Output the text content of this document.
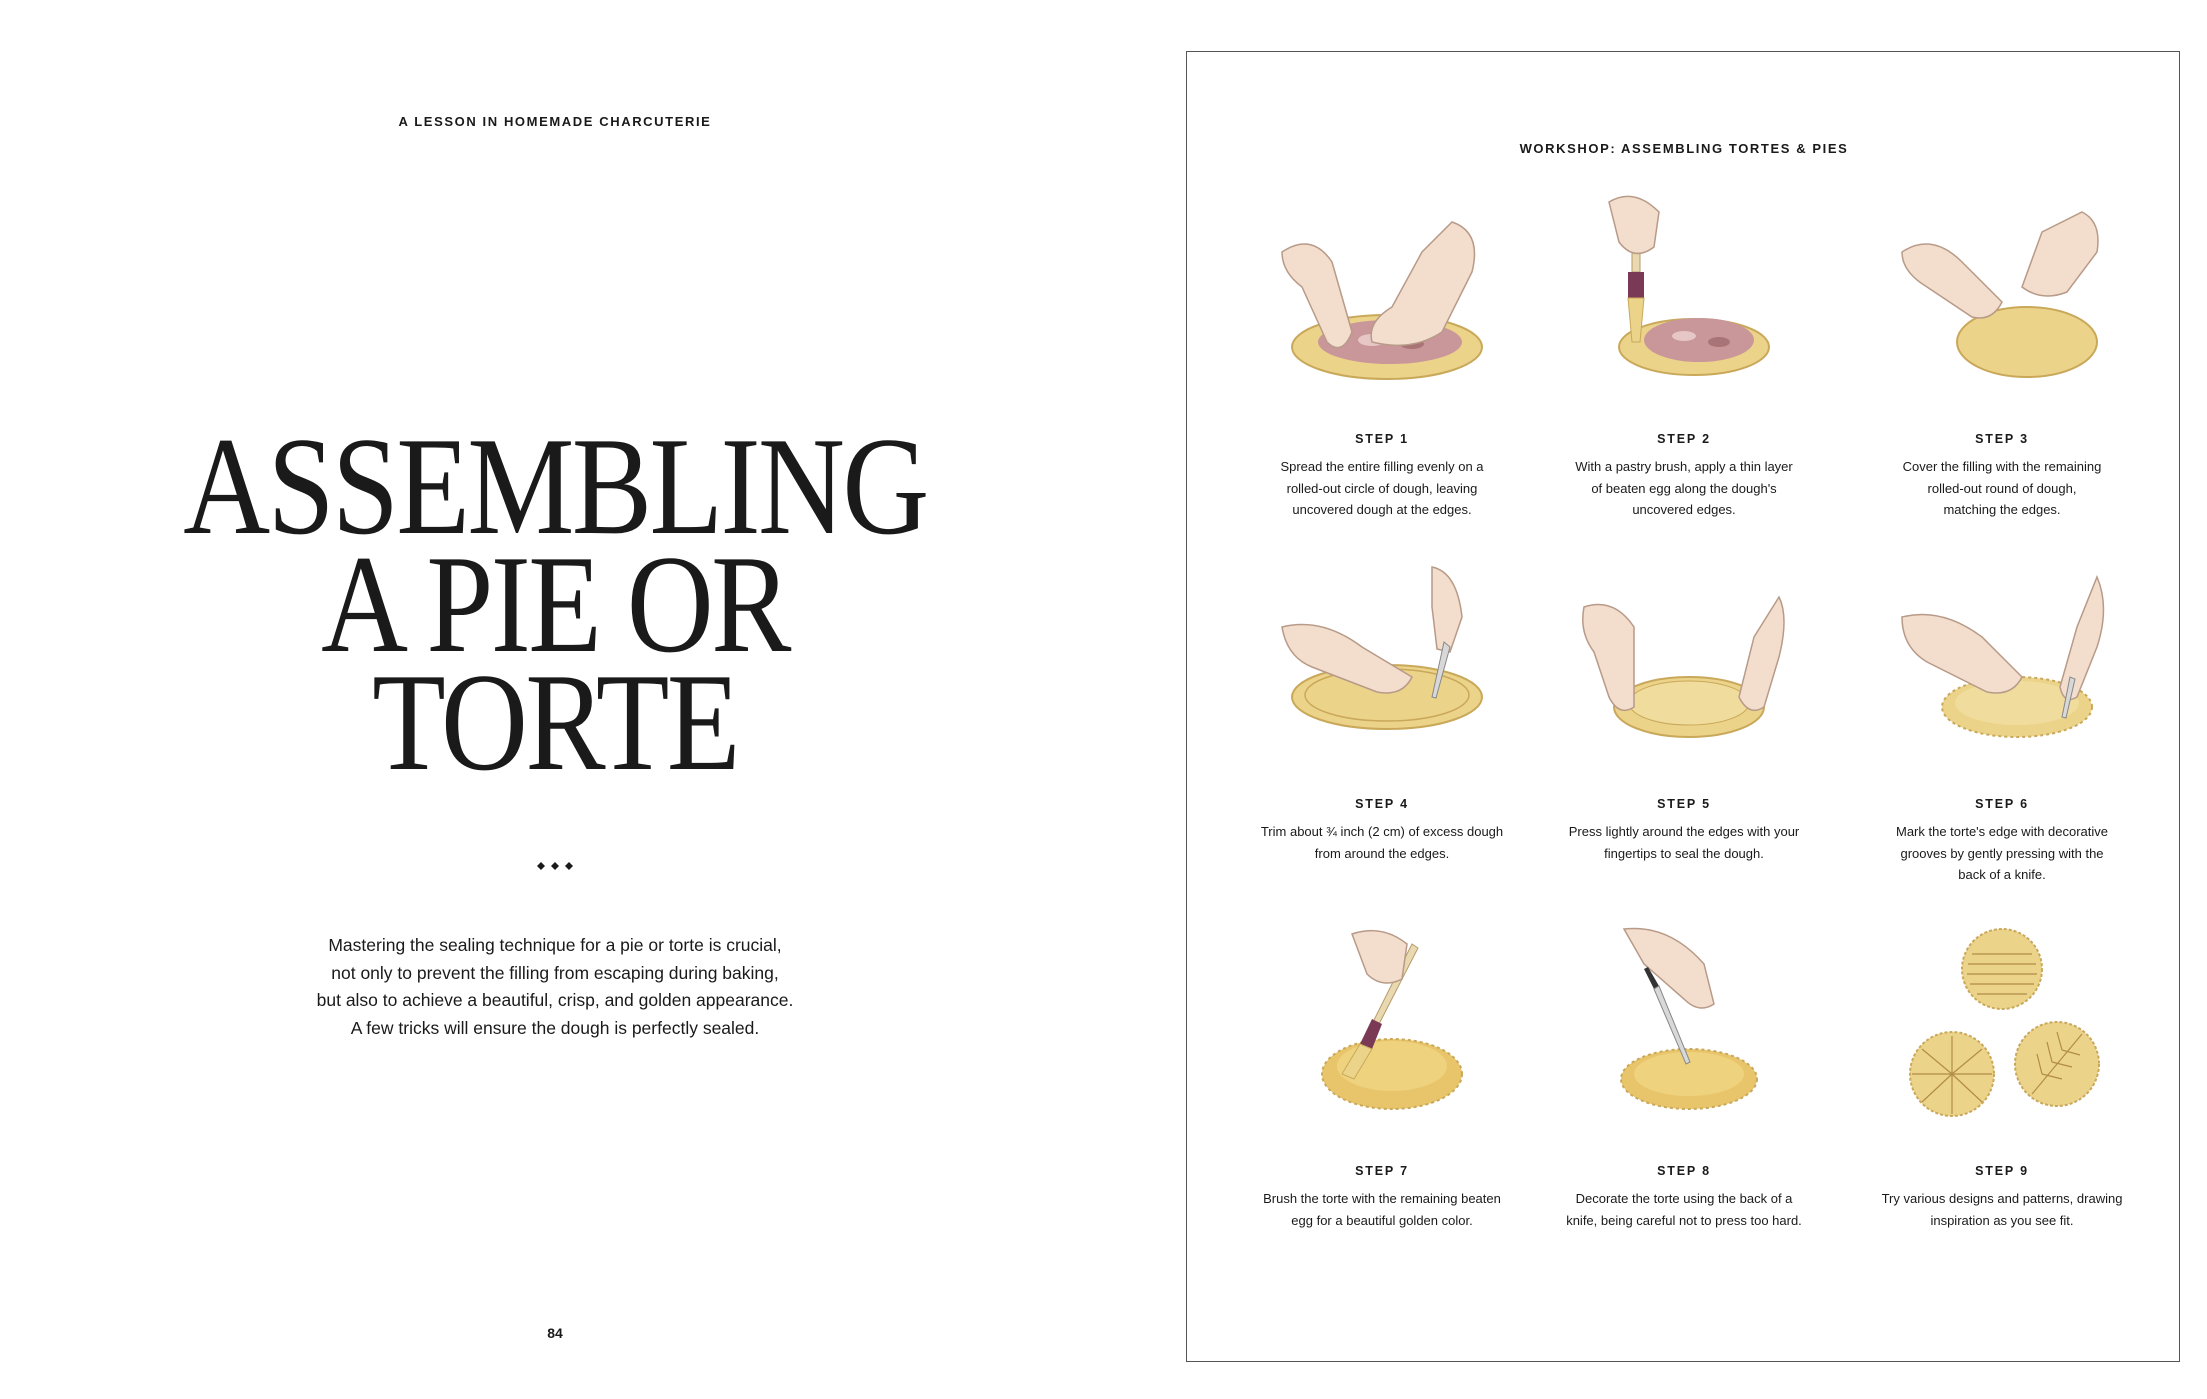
A LESSON IN HOMEMADE CHARCUTERIE
ASSEMBLING
A PIE OR
TORTE
Mastering the sealing technique for a pie or torte is crucial,
not only to prevent the filling from escaping during baking,
but also to achieve a beautiful, crisp, and golden appearance.
A few tricks will ensure the dough is perfectly sealed.
84
WORKSHOP: ASSEMBLING TORTES & PIES
STEP 1
Spread the entire filling evenly on a
rolled-out circle of dough, leaving
uncovered dough at the edges.
STEP 2
With a pastry brush, apply a thin layer
of beaten egg along the dough's
uncovered edges.
STEP 3
Cover the filling with the remaining
rolled-out round of dough,
matching the edges.
STEP 4
Trim about ¾ inch (2 cm) of excess dough
from around the edges.
STEP 5
Press lightly around the edges with your
fingertips to seal the dough.
STEP 6
Mark the torte's edge with decorative
grooves by gently pressing with the
back of a knife.
STEP 7
Brush the torte with the remaining beaten
egg for a beautiful golden color.
STEP 8
Decorate the torte using the back of a
knife, being careful not to press too hard.
STEP 9
Try various designs and patterns, drawing
inspiration as you see fit.
